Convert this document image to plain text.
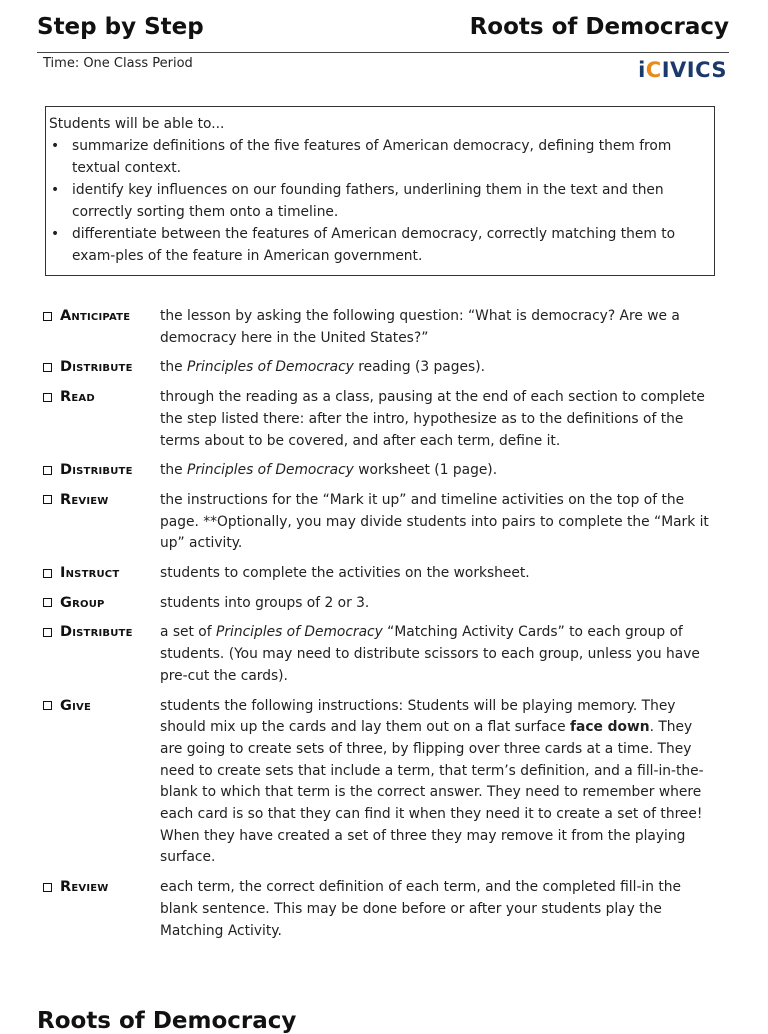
Step by Step	Roots of Democracy
Time: One Class Period	iCIVICS
Students will be able to...
• summarize definitions of the five features of American democracy, defining them from textual context.
• identify key influences on our founding fathers, underlining them in the text and then correctly sorting them onto a timeline.
• differentiate between the features of American democracy, correctly matching them to exam-ples of the feature in American government.
Anticipate the lesson by asking the following question: “What is democracy? Are we a democracy here in the United States?”
Distribute the Principles of Democracy reading (3 pages).
Read	through the reading as a class, pausing at the end of each section to complete the step listed there: after the intro, hypothesize as to the definitions of the terms about to be covered, and after each term, define it.
Distribute the Principles of Democracy worksheet (1 page).
Review	the instructions for the “Mark it up” and timeline activities on the top of the page. **Optionally, you may divide students into pairs to complete the “Mark it up” activity.
Instruct	students to complete the activities on the worksheet.
Group	students into groups of 2 or 3.
Distribute a set of Principles of Democracy “Matching Activity Cards” to each group of students. (You may need to distribute scissors to each group, unless you have pre-cut the cards).
Give	students the following instructions: Students will be playing memory. They should mix up the cards and lay them out on a flat surface face down. They are going to create sets of three, by flipping over three cards at a time. They need to create sets that include a term, that term’s definition, and a fill-in-the-blank to which that term is the correct answer. They need to remember where each card is so that they can find it when they need it to create a set of three! When they have created a set of three they may remove it from the playing surface.
Review	each term, the correct definition of each term, and the completed fill-in the blank sentence. This may be done before or after your students play the Matching Activity.
Roots of Democracy
